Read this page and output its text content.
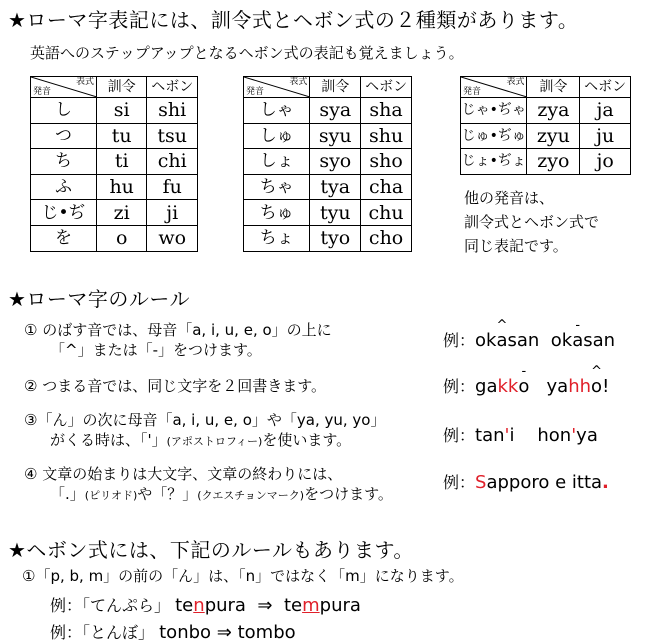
★ローマ字表記には、訓令式とヘボン式の２種類があります。
英語へのステップアップとなるヘボン式の表記も覚えましょう。
表式
発音	訓令	ヘボン
し	si	shi
つ	tu	tsu
ち	ti	chi
ふ	hu	fu
じ•ぢ	zi	ji
を	o	wo
表式
発音	訓令	ヘボン
しゃ	sya	sha
しゅ	syu	shu
しょ	syo	sho
ちゃ	tya	cha
ちゅ	tyu	chu
ちょ	tyo	cho
表式
発音	訓令	ヘボン
じゃ•ぢゃ	zya	ja
じゅ•ぢゅ	zyu	ju
じょ•ぢょ	zyo	jo
他の発音は、
訓令式とヘボン式で
同じ表記です。
★ローマ字のルール
① のばす音では、母音「a, i, u, e, o」の上に
「^」または「-」をつけます。	例：oka
^
san oka
-
san
② つまる音では、同じ文字を２回書きます。	例：gakko
-
yahho
^
!
③「ん」の次に母音「a, i, u, e, o」や「ya, yu, yo」
がくる時は、「'」(アポストロフィー)を使います。	例：tan'i hon'ya
④ 文章の始まりは大文字、文章の終わりには、
「.」(ピリオド)や「？」(クエスチョンマーク)をつけます。
例：Sapporo e itta.
★ヘボン式には、下記のルールもあります。
①「p, b, m」の前の「ん」は、「n」ではなく「m」になります。
例：「てんぷら」 tenpura ⇒ tempura
例：「とんぼ」 tonbo ⇒ tombo
